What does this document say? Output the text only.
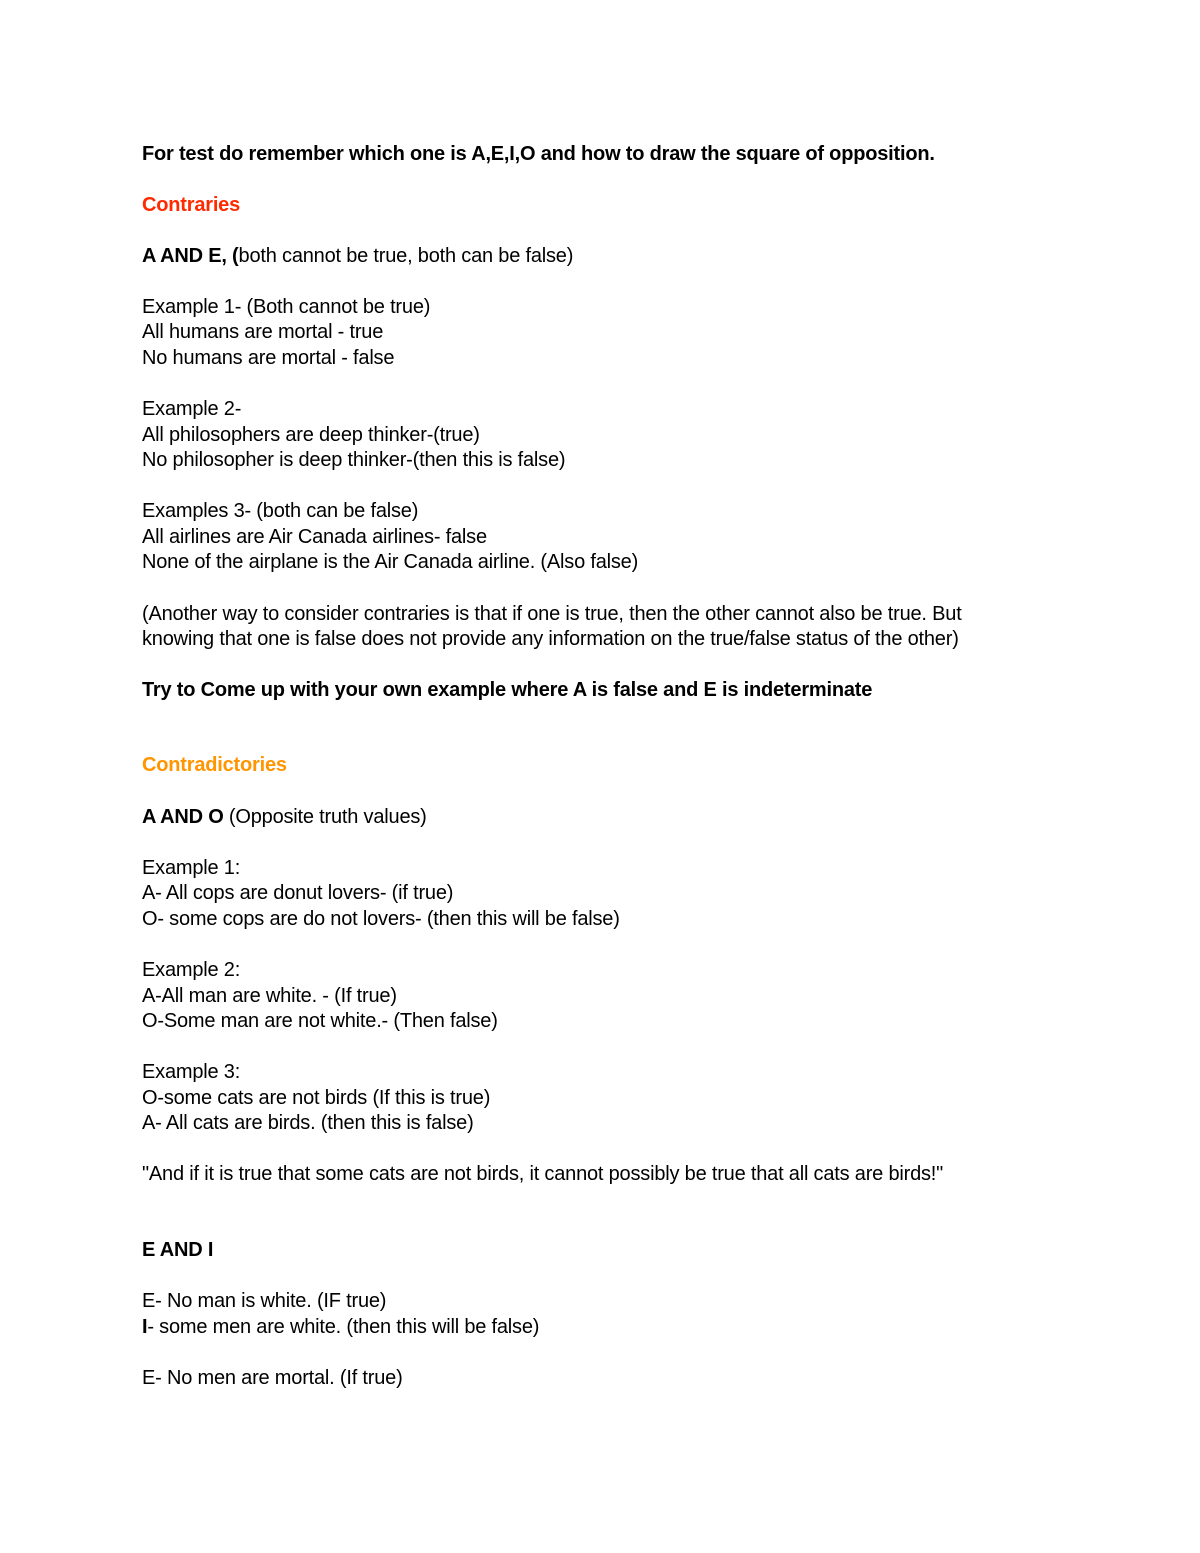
For test do remember which one is A,E,I,O and how to draw the square of opposition.
Contraries
A AND E, (both cannot be true, both can be false)
Example 1- (Both cannot be true)
All humans are mortal - true
No humans are mortal - false
Example 2-
All philosophers are deep thinker-(true)
No philosopher is deep thinker-(then this is false)
Examples 3- (both can be false)
All airlines are Air Canada airlines- false
None of the airplane is the Air Canada airline. (Also false)
(Another way to consider contraries is that if one is true, then the other cannot also be true. But
knowing that one is false does not provide any information on the true/false status of the other)
Try to Come up with your own example where A is false and E is indeterminate
Contradictories
A AND O (Opposite truth values)
Example 1:
A- All cops are donut lovers- (if true)
O- some cops are do not lovers- (then this will be false)
Example 2:
A-All man are white. - (If true)
O-Some man are not white.- (Then false)
Example 3:
O-some cats are not birds (If this is true)
A- All cats are birds. (then this is false)
"And if it is true that some cats are not birds, it cannot possibly be true that all cats are birds!"
E AND I
E- No man is white. (IF true)
I- some men are white. (then this will be false)
E- No men are mortal. (If true)
